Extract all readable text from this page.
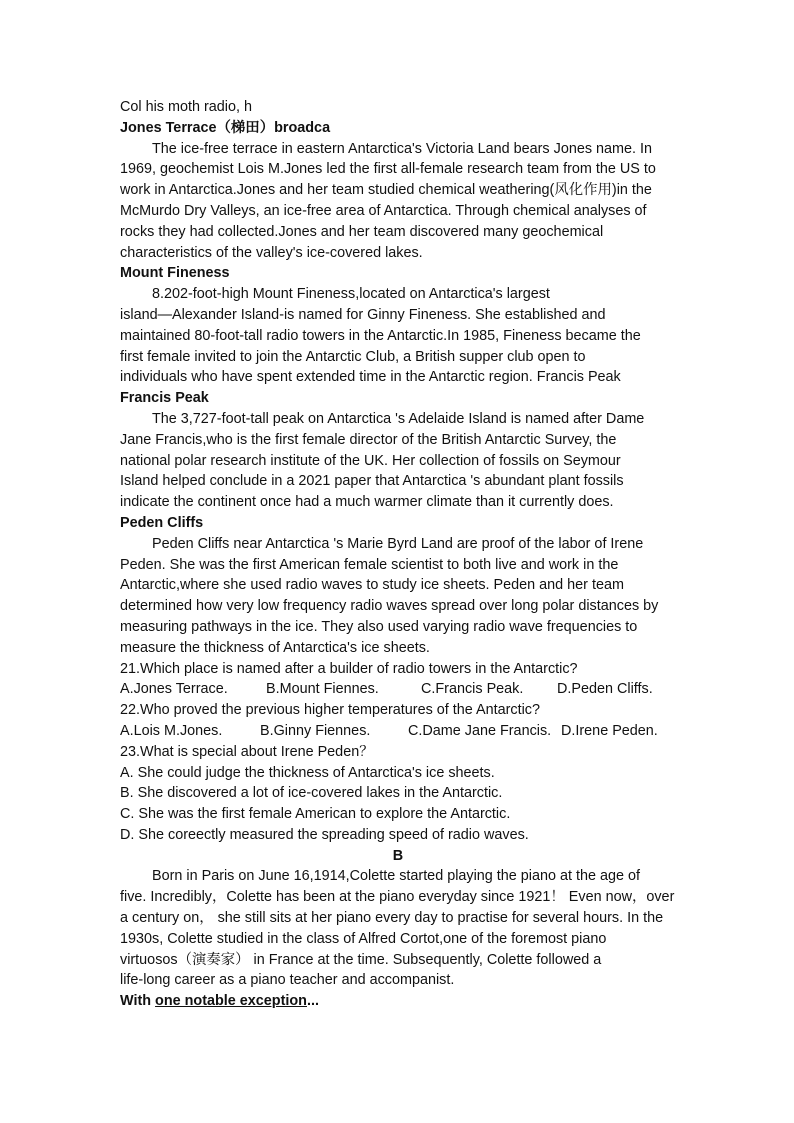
Col his moth radio, h

Jones Terrace（梯田）broadca

The ice-free terrace in eastern Antarctica's Victoria Land bears Jones name. In

1969, geochemist Lois M.Jones led the first all-female research team from the US to

work in Antarctica.Jones and her team studied chemical weathering(风化作用)in the

McMurdo Dry Valleys, an ice-free area of Antarctica. Through chemical analyses of

rocks they had collected.Jones and her team discovered many geochemical

characteristics of the valley's ice-covered lakes.

Mount Fineness

8.202-foot-high Mount Fineness,located on Antarctica's largest

island—Alexander Island-is named for Ginny Fineness. She established and

maintained 80-foot-tall radio towers in the Antarctic.In 1985, Fineness became the

first female invited to join the Antarctic Club, a British supper club open to

individuals who have spent extended time in the Antarctic region. Francis Peak

Francis Peak

The 3,727-foot-tall peak on Antarctica 's Adelaide Island is named after Dame

Jane Francis,who is the first female director of the British Antarctic Survey, the

national polar research institute of the UK. Her collection of fossils on Seymour

Island helped conclude in a 2021 paper that Antarctica 's abundant plant fossils

indicate the continent once had a much warmer climate than it currently does.

Peden Cliffs

Peden Cliffs near Antarctica 's Marie Byrd Land are proof of the labor of Irene

Peden. She was the first American female scientist to both live and work in the

Antarctic,where she used radio waves to study ice sheets. Peden and her team

determined how very low frequency radio waves spread over long polar distances by

measuring pathways in the ice. They also used varying radio wave frequencies to

measure the thickness of Antarctica's ice sheets.

21.Which place is named after a builder of radio towers in the Antarctic?

A.Jones Terrace.	B.Mount Fiennes.	C.Francis Peak. D.Peden Cliffs.

22.Who proved the previous higher temperatures of the Antarctic?

A.Lois M.Jones.	B.Ginny Fiennes.	C.Dame Jane Francis. D.Irene Peden.

23.What is special about Irene Peden？

A. She could judge the thickness of Antarctica's ice sheets.

B. She discovered a lot of ice-covered lakes in the Antarctic.

C. She was the first female American to explore the Antarctic.

D. She coreectly measured the spreading speed of radio waves.

B

Born in Paris on June 16,1914,Colette started playing the piano at the age of

five. Incredibly，Colette has been at the piano everyday since 1921！ Even now，over

a century on， she still sits at her piano every day to practise for several hours. In the

1930s, Colette studied in the class of Alfred Cortot,one of the foremost piano

virtuosos（演奏家） in France at the time. Subsequently, Colette followed a

life-long career as a piano teacher and accompanist.

With one notable exception...
